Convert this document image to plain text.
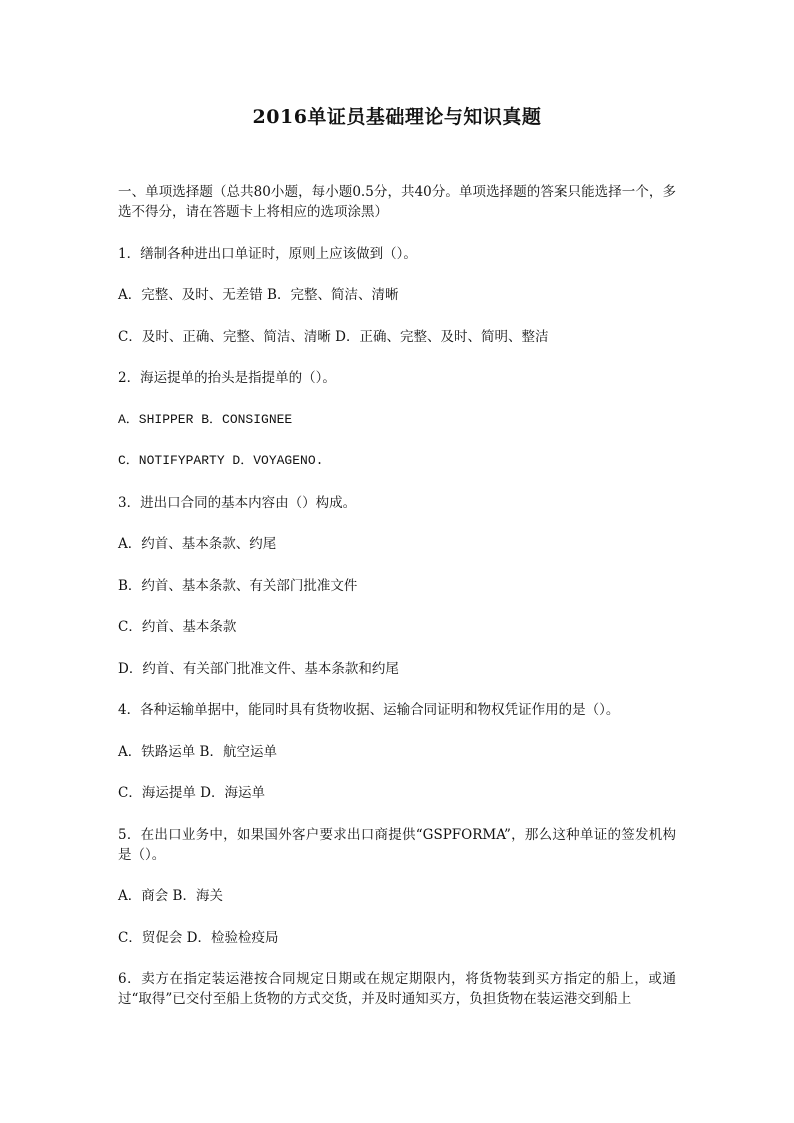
2016单证员基础理论与知识真题

一、单项选择题（总共80小题，每小题0.5分，共40分。单项选择题的答案只能选择一个，多选不得分，请在答题卡上将相应的选项涂黑）

1．缮制各种进出口单证时，原则上应该做到（）。

A．完整、及时、无差错 B．完整、简洁、清晰

C．及时、正确、完整、简洁、清晰 D．正确、完整、及时、简明、整洁

2．海运提单的抬头是指提单的（）。

A．SHIPPER B．CONSIGNEE

C．NOTIFYPARTY D．VOYAGENO.

3．进出口合同的基本内容由（）构成。

A．约首、基本条款、约尾

B．约首、基本条款、有关部门批准文件

C．约首、基本条款

D．约首、有关部门批准文件、基本条款和约尾

4．各种运输单据中，能同时具有货物收据、运输合同证明和物权凭证作用的是（）。

A．铁路运单 B．航空运单

C．海运提单 D．海运单

5．在出口业务中，如果国外客户要求出口商提供“GSPFORMA”，那么这种单证的签发机构是（）。

A．商会 B．海关

C．贸促会 D．检验检疫局

6．卖方在指定装运港按合同规定日期或在规定期限内，将货物装到买方指定的船上，或通过“取得”已交付至船上货物的方式交货，并及时通知买方，负担货物在装运港交到船上
